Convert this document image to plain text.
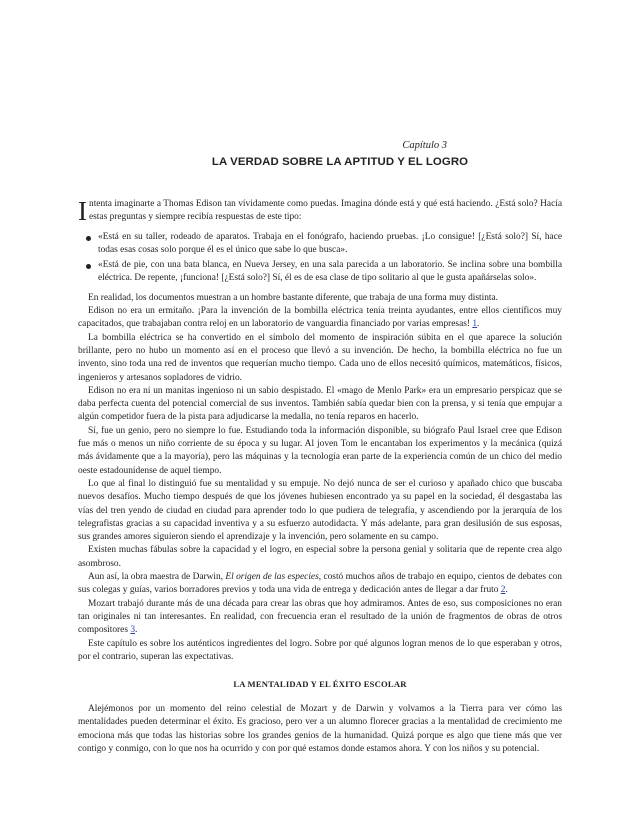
Capítulo 3
LA VERDAD SOBRE LA APTITUD Y EL LOGRO

Intenta imaginarte a Thomas Edison tan vívidamente como puedas. Imagina dónde está y qué está haciendo. ¿Está solo? Hacía estas preguntas y siempre recibía respuestas de este tipo:

«Está en su taller, rodeado de aparatos. Trabaja en el fonógrafo, haciendo pruebas. ¡Lo consigue! [¿Está solo?] Sí, hace todas esas cosas solo porque él es el único que sabe lo que busca».
«Está de pie, con una bata blanca, en Nueva Jersey, en una sala parecida a un laboratorio. Se inclina sobre una bombilla eléctrica. De repente, ¡funciona! [¿Está solo?] Sí, él es de esa clase de tipo solitario al que le gusta apañárselas solo».

En realidad, los documentos muestran a un hombre bastante diferente, que trabaja de una forma muy distinta.

Edison no era un ermitaño. ¡Para la invención de la bombilla eléctrica tenía treinta ayudantes, entre ellos científicos muy capacitados, que trabajaban contra reloj en un laboratorio de vanguardia financiado por varias empresas! 1.

La bombilla eléctrica se ha convertido en el símbolo del momento de inspiración súbita en el que aparece la solución brillante, pero no hubo un momento así en el proceso que llevó a su invención. De hecho, la bombilla eléctrica no fue un invento, sino toda una red de inventos que requerían mucho tiempo. Cada uno de ellos necesitó químicos, matemáticos, físicos, ingenieros y artesanos sopladores de vidrio.

Edison no era ni un manitas ingenioso ni un sabio despistado. El «mago de Menlo Park» era un empresario perspicaz que se daba perfecta cuenta del potencial comercial de sus inventos. También sabía quedar bien con la prensa, y si tenía que empujar a algún competidor fuera de la pista para adjudicarse la medalla, no tenía reparos en hacerlo.

Sí, fue un genio, pero no siempre lo fue. Estudiando toda la información disponible, su biógrafo Paul Israel cree que Edison fue más o menos un niño corriente de su época y su lugar. Al joven Tom le encantaban los experimentos y la mecánica (quizá más ávidamente que a la mayoría), pero las máquinas y la tecnología eran parte de la experiencia común de un chico del medio oeste estadounidense de aquel tiempo.

Lo que al final lo distinguió fue su mentalidad y su empuje. No dejó nunca de ser el curioso y apañado chico que buscaba nuevos desafíos. Mucho tiempo después de que los jóvenes hubiesen encontrado ya su papel en la sociedad, él desgastaba las vías del tren yendo de ciudad en ciudad para aprender todo lo que pudiera de telegrafía, y ascendiendo por la jerarquía de los telegrafistas gracias a su capacidad inventiva y a su esfuerzo autodidacta. Y más adelante, para gran desilusión de sus esposas, sus grandes amores siguieron siendo el aprendizaje y la invención, pero solamente en su campo.

Existen muchas fábulas sobre la capacidad y el logro, en especial sobre la persona genial y solitaria que de repente crea algo asombroso.

Aun así, la obra maestra de Darwin, El origen de las especies, costó muchos años de trabajo en equipo, cientos de debates con sus colegas y guías, varios borradores previos y toda una vida de entrega y dedicación antes de llegar a dar fruto 2.

Mozart trabajó durante más de una década para crear las obras que hoy admiramos. Antes de eso, sus composiciones no eran tan originales ni tan interesantes. En realidad, con frecuencia eran el resultado de la unión de fragmentos de obras de otros compositores 3.

Este capítulo es sobre los auténticos ingredientes del logro. Sobre por qué algunos logran menos de lo que esperaban y otros, por el contrario, superan las expectativas.

LA MENTALIDAD Y EL ÉXITO ESCOLAR

Alejémonos por un momento del reino celestial de Mozart y de Darwin y volvamos a la Tierra para ver cómo las mentalidades pueden determinar el éxito. Es gracioso, pero ver a un alumno florecer gracias a la mentalidad de crecimiento me emociona más que todas las historias sobre los grandes genios de la humanidad. Quizá porque es algo que tiene más que ver contigo y conmigo, con lo que nos ha ocurrido y con por qué estamos donde estamos ahora. Y con los niños y su potencial.
